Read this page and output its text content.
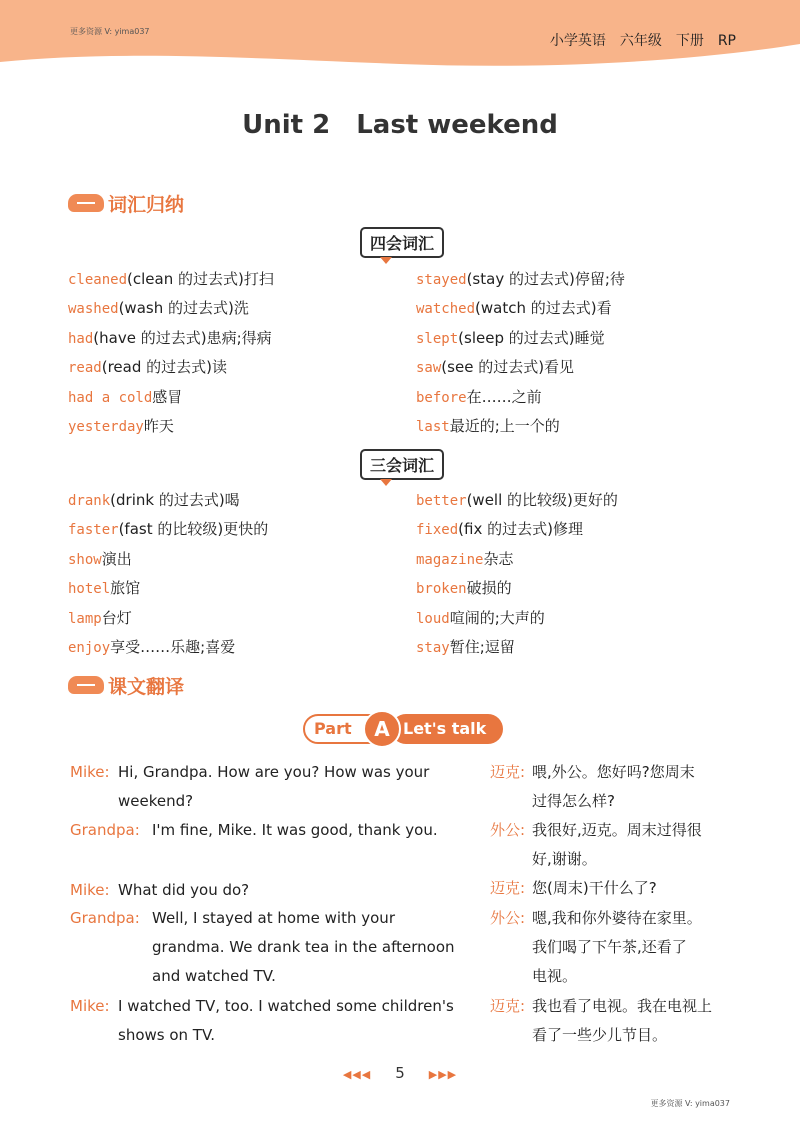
更多资源 V: yima037
小学英语 六年级 下册 RP
Unit 2 Last weekend
词汇归纳
四会词汇
cleaned(clean 的过去式)打扫
washed(wash 的过去式)洗
had(have 的过去式)患病;得病
read(read 的过去式)读
had a cold感冒
yesterday昨天
stayed(stay 的过去式)停留;待
watched(watch 的过去式)看
slept(sleep 的过去式)睡觉
saw(see 的过去式)看见
before在……之前
last最近的;上一个的
三会词汇
drank(drink 的过去式)喝
faster(fast 的比较级)更快的
show演出
hotel旅馆
lamp台灯
enjoy享受……乐趣;喜爱
better(well 的比较级)更好的
fixed(fix 的过去式)修理
magazine杂志
broken破损的
loud喧闹的;大声的
stay暂住;逗留
课文翻译
Part	Let's talk
A
Mike: Hi, Grandpa. How are you? How was your
weekend?
Grandpa: I'm fine, Mike. It was good, thank you.
Mike: What did you do?
Grandpa: Well, I stayed at home with your
grandma. We drank tea in the afternoon
and watched TV.
Mike: I watched TV, too. I watched some children's
shows on TV.
迈克: 喂,外公。您好吗?您周末
过得怎么样?
外公: 我很好,迈克。周末过得很
好,谢谢。
迈克: 您(周末)干什么了?
外公: 嗯,我和你外婆待在家里。
我们喝了下午茶,还看了
电视。
迈克: 我也看了电视。我在电视上
看了一些少儿节目。
◀◀◀ 5 ▶▶▶
更多资源 V: yima037
